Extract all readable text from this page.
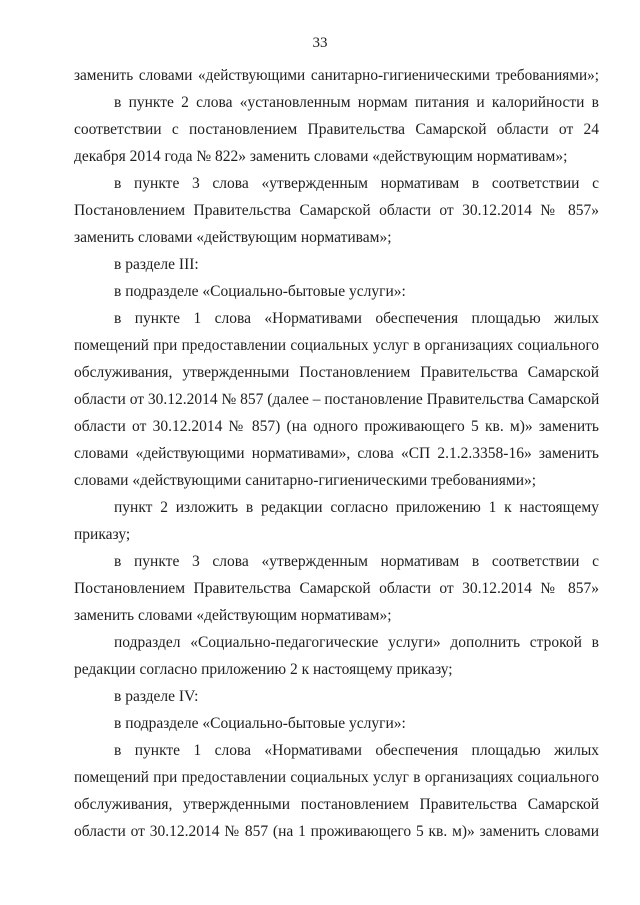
33
заменить словами «действующими санитарно-гигиеническими требованиями»;
в пункте 2 слова «установленным нормам питания и калорийности в
соответствии с постановлением Правительства Самарской области от 24
декабря 2014 года № 822» заменить словами «действующим нормативам»;
в пункте 3 слова «утвержденным нормативам в соответствии с
Постановлением Правительства Самарской области от 30.12.2014 № 857»
заменить словами «действующим нормативам»;
в разделе III:
в подразделе «Социально-бытовые услуги»:
в пункте 1 слова «Нормативами обеспечения площадью жилых
помещений при предоставлении социальных услуг в организациях социального
обслуживания, утвержденными Постановлением Правительства Самарской
области от 30.12.2014 № 857 (далее – постановление Правительства Самарской
области от 30.12.2014 № 857) (на одного проживающего 5 кв. м)» заменить
словами «действующими нормативами», слова «СП 2.1.2.3358-16» заменить
словами «действующими санитарно-гигиеническими требованиями»;
пункт 2 изложить в редакции согласно приложению 1 к настоящему
приказу;
в пункте 3 слова «утвержденным нормативам в соответствии с
Постановлением Правительства Самарской области от 30.12.2014 № 857»
заменить словами «действующим нормативам»;
подраздел «Социально-педагогические услуги» дополнить строкой в
редакции согласно приложению 2 к настоящему приказу;
в разделе IV:
в подразделе «Социально-бытовые услуги»:
в пункте 1 слова «Нормативами обеспечения площадью жилых
помещений при предоставлении социальных услуг в организациях социального
обслуживания, утвержденными постановлением Правительства Самарской
области от 30.12.2014 № 857 (на 1 проживающего 5 кв. м)» заменить словами
